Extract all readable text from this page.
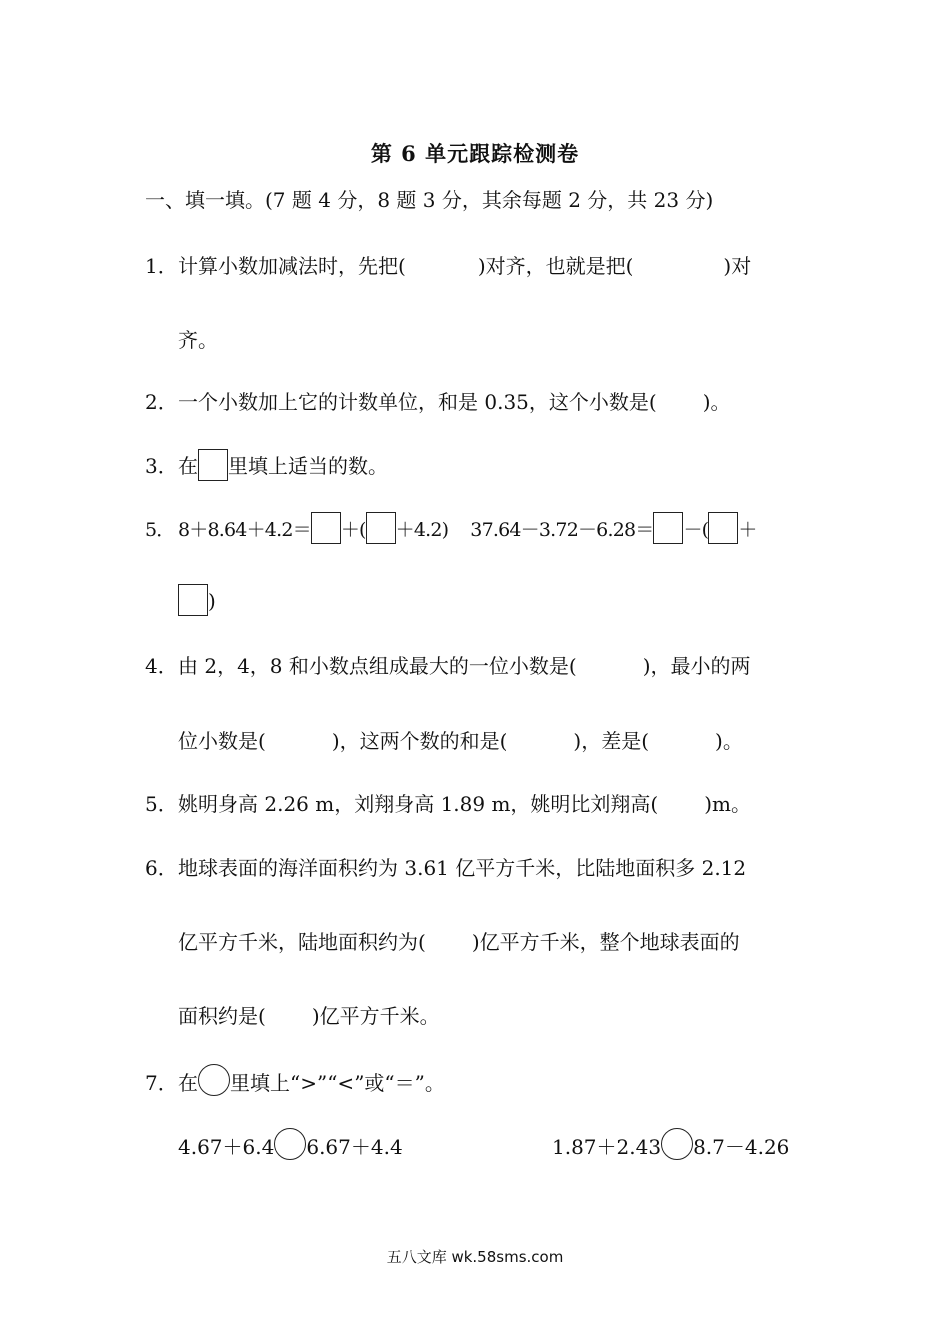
第 6 单元跟踪检测卷
一、填一填。(7 题 4 分，8 题 3 分，其余每题 2 分，共 23 分)
1．计算小数加减法时，先把(	)对齐，也就是把(	)对
齐。
2．一个小数加上它的计数单位，和是 0.35，这个小数是( )。
3．在 里填上适当的数。
5． 8＋8.64＋4.2＝ ＋( ＋4.2) 37.64－3.72－6.28＝ －( ＋
)
4．由 2，4，8 和小数点组成最大的一位小数是(	)，最小的两
位小数是(	)，这两个数的和是(	)，差是(	)。
5．姚明身高 2.26 m，刘翔身高 1.89 m，姚明比刘翔高( )m。
6．地球表面的海洋面积约为 3.61 亿平方千米，比陆地面积多 2.12
亿平方千米，陆地面积约为( )亿平方千米，整个地球表面的
面积约是( )亿平方千米。
7．在 里填上“>”“<”或“＝”。
4.67＋6.4 6.67＋4.4	1.87＋2.43 8.7－4.26
五八文库 wk.58sms.com
